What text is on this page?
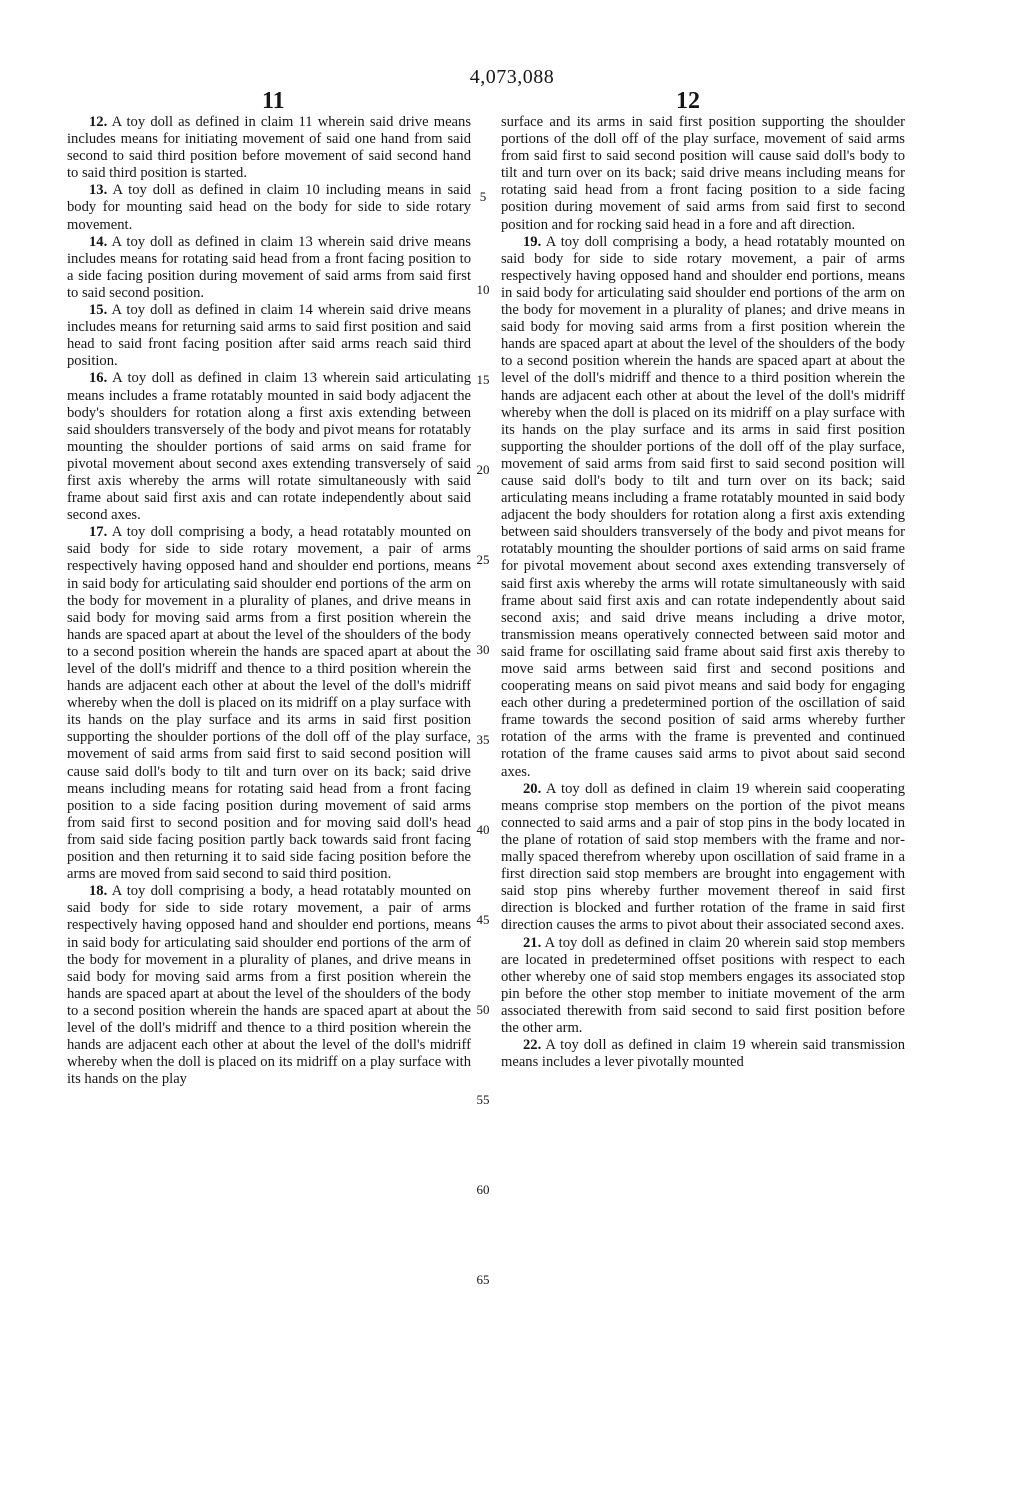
4,073,088
11	12

12. A toy doll as defined in claim 11 wherein said drive means includes means for initiating movement of said one hand from said second to said third position before movement of said second hand to said third position is started.

13. A toy doll as defined in claim 10 including means in said body for mounting said head on the body for side to side rotary movement.

14. A toy doll as defined in claim 13 wherein said drive means includes means for rotating said head from a front facing position to a side facing position during movement of said arms from said first to said second position.

15. A toy doll as defined in claim 14 wherein said drive means includes means for returning said arms to said first position and said head to said front facing position after said arms reach said third position.

16. A toy doll as defined in claim 13 wherein said articulating means includes a frame rotatably mounted in said body adjacent the body's shoulders for rotation along a first axis extending between said shoulders transversely of the body and pivot means for rotatably mounting the shoulder portions of said arms on said frame for pivotal movement about second axes extending transversely of said first axis whereby the arms will rotate simultaneously with said frame about said first axis and can rotate independently about said second axes.

17. A toy doll comprising a body, a head rotatably mounted on said body for side to side rotary movement, a pair of arms respectively having opposed hand and shoulder end portions, means in said body for articulating said shoulder end portions of the arm on the body for movement in a plurality of planes, and drive means in said body for moving said arms from a first position wherein the hands are spaced apart at about the level of the shoulders of the body to a second position wherein the hands are spaced apart at about the level of the doll's midriff and thence to a third position wherein the hands are adjacent each other at about the level of the doll's midriff whereby when the doll is placed on its midriff on a play surface with its hands on the play surface and its arms in said first position supporting the shoulder portions of the doll off of the play surface, movement of said arms from said first to said second position will cause said doll's body to tilt and turn over on its back; said drive means including means for rotating said head from a front facing position to a side facing position during movement of said arms from said first to second position and for moving said doll's head from said side facing position partly back towards said front facing position and then returning it to said side facing position before the arms are moved from said second to said third position.

18. A toy doll comprising a body, a head rotatably mounted on said body for side to side rotary movement, a pair of arms respectively having opposed hand and shoulder end portions, means in said body for articulating said shoulder end portions of the arm of the body for movement in a plurality of planes, and drive means in said body for moving said arms from a first position wherein the hands are spaced apart at about the level of the shoulders of the body to a second position wherein the hands are spaced apart at about the level of the doll's midriff and thence to a third position wherein the hands are adjacent each other at about the level of the doll's midriff whereby when the doll is placed on its midriff on a play surface with its hands on the play

surface and its arms in said first position supporting the shoulder portions of the doll off of the play surface, movement of said arms from said first to said second position will cause said doll's body to tilt and turn over on its back; said drive means including means for rotating said head from a front facing position to a side facing position during movement of said arms from said first to second position and for rocking said head in a fore and aft direction.

19. A toy doll comprising a body, a head rotatably mounted on said body for side to side rotary movement, a pair of arms respectively having opposed hand and shoulder end portions, means in said body for articulating said shoulder end portions of the arm on the body for movement in a plurality of planes; and drive means in said body for moving said arms from a first position wherein the hands are spaced apart at about the level of the shoulders of the body to a second position wherein the hands are spaced apart at about the level of the doll's midriff and thence to a third position wherein the hands are adjacent each other at about the level of the doll's midriff whereby when the doll is placed on its midriff on a play surface with its hands on the play surface and its arms in said first position supporting the shoulder portions of the doll off of the play surface, movement of said arms from said first to said second position will cause said doll's body to tilt and turn over on its back; said articulating means including a frame rotatably mounted in said body adjacent the body shoulders for rotation along a first axis extending between said shoulders transversely of the body and pivot means for rotatably mounting the shoulder portions of said arms on said frame for pivotal movement about second axes extending transversely of said first axis whereby the arms will rotate simultaneously with said frame about said first axis and can rotate independently about said second axis; and said drive means including a drive motor, transmission means operatively connected between said motor and said frame for oscillating said frame about said first axis thereby to move said arms between said first and second positions and cooperating means on said pivot means and said body for engaging each other during a predetermined portion of the oscillation of said frame towards the second position of said arms whereby further rotation of the arms with the frame is prevented and continued rotation of the frame causes said arms to pivot about said second axes.

20. A toy doll as defined in claim 19 wherein said cooperating means comprise stop members on the portion of the pivot means connected to said arms and a pair of stop pins in the body located in the plane of rotation of said stop members with the frame and normally spaced therefrom whereby upon oscillation of said frame in a first direction said stop members are brought into engagement with said stop pins whereby further movement thereof in said first direction is blocked and further rotation of the frame in said first direction causes the arms to pivot about their associated second axes.

21. A toy doll as defined in claim 20 wherein said stop members are located in predetermined offset positions with respect to each other whereby one of said stop members engages its associated stop pin before the other stop member to initiate movement of the arm associated therewith from said second to said first position before the other arm.

22. A toy doll as defined in claim 19 wherein said transmission means includes a lever pivotally mounted

5
10
15
20
25
30
35
40
45
50
55
60
65
